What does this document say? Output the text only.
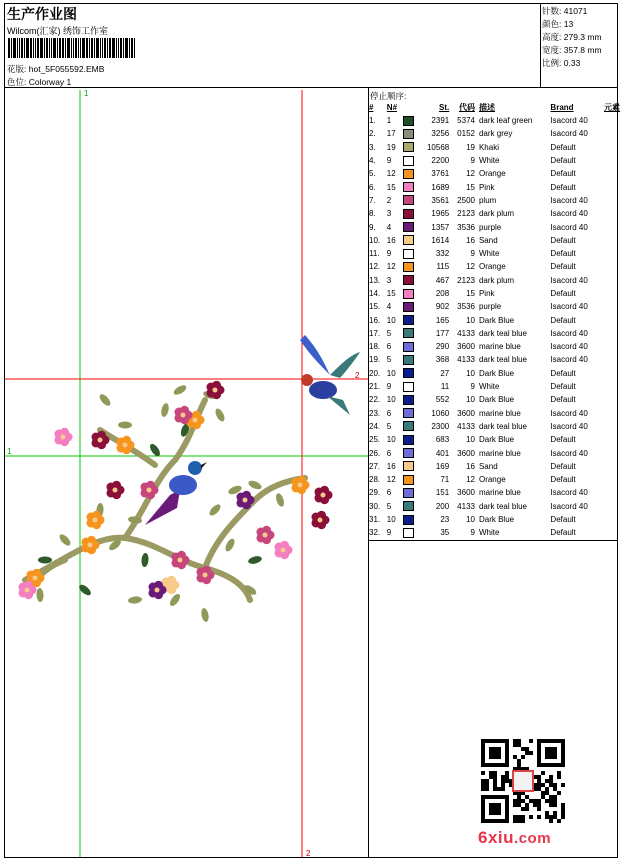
生产作业图
Wilcom(汇家) 绣饰工作室
花版: hot_5F055592.EMB
色位: Colorway 1
针数: 41071
颜色: 13
高度: 279.3 mm
宽度: 357.8 mm
比例: 0.33
停止顺序:
#	N#		St.	代码	描述	Brand	元素
1.	1		2391	5374	dark leaf green	Isacord 40	
2.	17		3256	0152	dark grey	Isacord 40	
3.	19		10568	19	Khaki	Default	
4.	9		2200	9	White	Default	
5.	12		3761	12	Orange	Default	
6.	15		1689	15	Pink	Default	
7.	2		3561	2500	plum	Isacord 40	
8.	3		1965	2123	dark plum	Isacord 40	
9.	4		1357	3536	purple	Isacord 40	
10.	16		1614	16	Sand	Default	
11.	9		332	9	White	Default	
12.	12		115	12	Orange	Default	
13.	3		467	2123	dark plum	Isacord 40	
14.	15		208	15	Pink	Default	
15.	4		902	3536	purple	Isacord 40	
16.	10		165	10	Dark Blue	Default	
17.	5		177	4133	dark teal blue	Isacord 40	
18.	6		290	3600	marine blue	Isacord 40	
19.	5		368	4133	dark teal blue	Isacord 40	
20.	10		27	10	Dark Blue	Default	
21.	9		11	9	White	Default	
22.	10		552	10	Dark Blue	Default	
23.	6		1060	3600	marine blue	Isacord 40	
24.	5		2300	4133	dark teal blue	Isacord 40	
25.	10		683	10	Dark Blue	Default	
26.	6		401	3600	marine blue	Isacord 40	
27.	16		169	16	Sand	Default	
28.	12		71	12	Orange	Default	
29.	6		151	3600	marine blue	Isacord 40	
30.	5		200	4133	dark teal blue	Isacord 40	
31.	10		23	10	Dark Blue	Default	
32.	9		35	9	White	Default	
1
1
2
2
6xiu.com
